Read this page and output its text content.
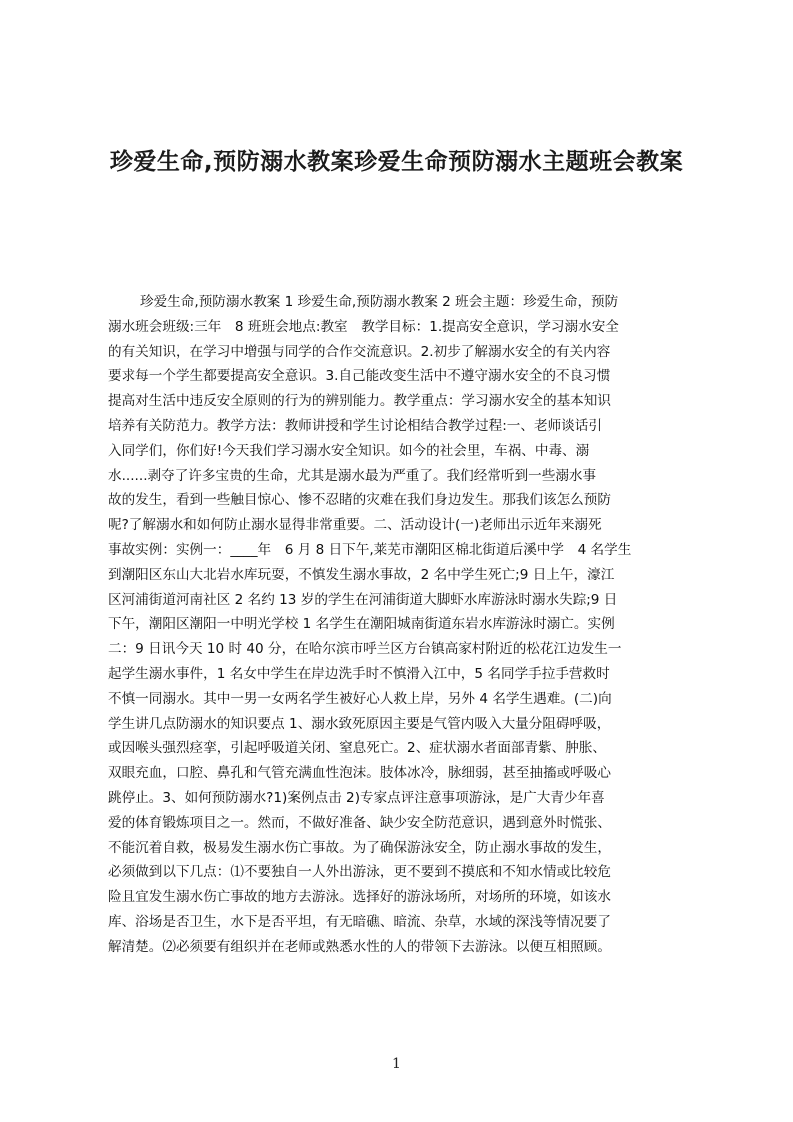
珍爱生命,预防溺水教案珍爱生命预防溺水主题班会教案
珍爱生命,预防溺水教案 1 珍爱生命,预防溺水教案 2 班会主题：珍爱生命，预防
溺水班会班级:三年　8 班班会地点:教室　教学目标：1.提高安全意识，学习溺水安全
的有关知识，在学习中增强与同学的合作交流意识。2.初步了解溺水安全的有关内容
要求每一个学生都要提高安全意识。3.自己能改变生活中不遵守溺水安全的不良习惯
提高对生活中违反安全原则的行为的辨别能力。教学重点：学习溺水安全的基本知识
培养有关防范力。教学方法：教师讲授和学生讨论相结合教学过程:一、老师谈话引
入同学们，你们好!今天我们学习溺水安全知识。如今的社会里，车祸、中毒、溺
水......剥夺了许多宝贵的生命，尤其是溺水最为严重了。我们经常听到一些溺水事
故的发生，看到一些触目惊心、惨不忍睹的灾难在我们身边发生。那我们该怎么预防
呢?了解溺水和如何防止溺水显得非常重要。二、活动设计(一)老师出示近年来溺死
事故实例：实例一：____年　6 月 8 日下午,莱芜市潮阳区棉北街道后溪中学　4 名学生
到潮阳区东山大北岩水库玩耍，不慎发生溺水事故，2 名中学生死亡;9 日上午，濠江
区河浦街道河南社区 2 名约 13 岁的学生在河浦街道大脚虾水库游泳时溺水失踪;9 日
下午，潮阳区潮阳一中明光学校 1 名学生在潮阳城南街道东岩水库游泳时溺亡。实例
二：9 日讯今天 10 时 40 分，在哈尔滨市呼兰区方台镇高家村附近的松花江边发生一
起学生溺水事件，1 名女中学生在岸边洗手时不慎滑入江中，5 名同学手拉手营救时
不慎一同溺水。其中一男一女两名学生被好心人救上岸，另外 4 名学生遇难。(二)向
学生讲几点防溺水的知识要点 1、溺水致死原因主要是气管内吸入大量分阻碍呼吸，
或因喉头强烈痉挛，引起呼吸道关闭、窒息死亡。2、症状溺水者面部青紫、肿胀、
双眼充血，口腔、鼻孔和气管充满血性泡沫。肢体冰冷，脉细弱，甚至抽搐或呼吸心
跳停止。3、如何预防溺水?1)案例点击 2)专家点评注意事项游泳，是广大青少年喜
爱的体育锻炼项目之一。然而，不做好准备、缺少安全防范意识，遇到意外时慌张、
不能沉着自救，极易发生溺水伤亡事故。为了确保游泳安全，防止溺水事故的发生，
必须做到以下几点：⑴不要独自一人外出游泳，更不要到不摸底和不知水情或比较危
险且宜发生溺水伤亡事故的地方去游泳。选择好的游泳场所，对场所的环境，如该水
库、浴场是否卫生，水下是否平坦，有无暗礁、暗流、杂草，水域的深浅等情况要了
解清楚。⑵必须要有组织并在老师或熟悉水性的人的带领下去游泳。以便互相照顾。
1
